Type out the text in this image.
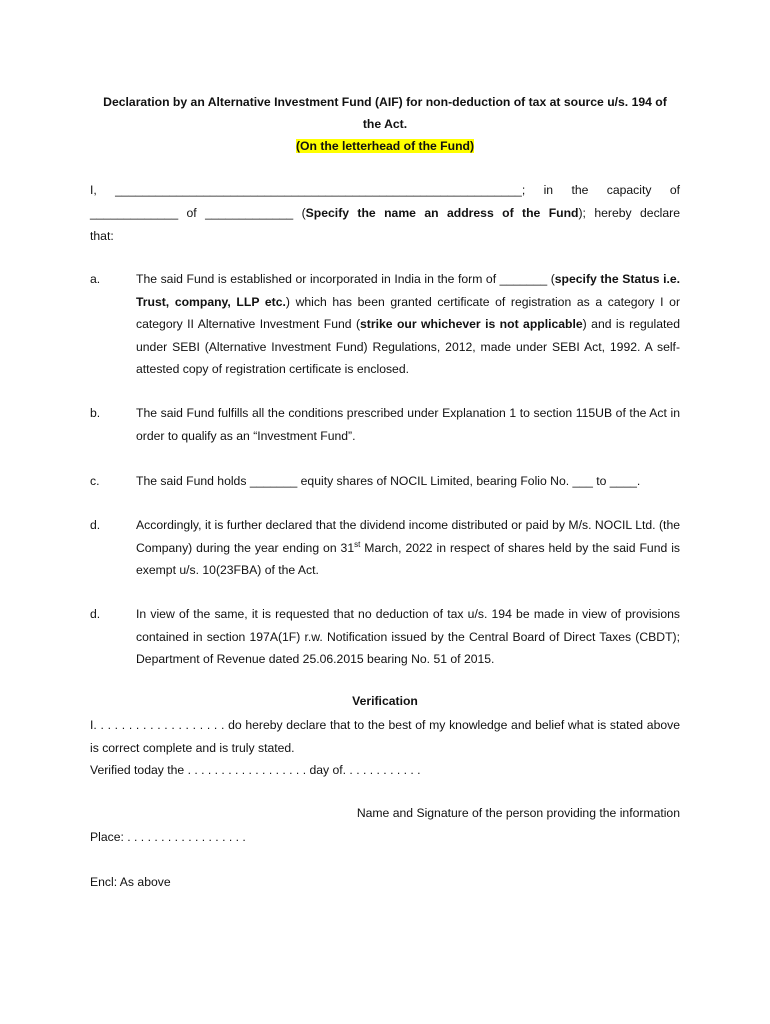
Declaration by an Alternative Investment Fund (AIF) for non-deduction of tax at source u/s. 194 of
the Act.
(On the letterhead of the Fund)

I, ____________________________________________________________; in the capacity of

_____________ of _____________ (Specify the name an address of the Fund); hereby declare

that:

a.	The said Fund is established or incorporated in India in the form of _______ (specify the Status i.e. Trust, company, LLP etc.) which has been granted certificate of registration as a category I or category II Alternative Investment Fund (strike our whichever is not applicable) and is regulated under SEBI (Alternative Investment Fund) Regulations, 2012, made under SEBI Act, 1992. A self-attested copy of registration certificate is enclosed.
b.	The said Fund fulfills all the conditions prescribed under Explanation 1 to section 115UB of the Act in order to qualify as an “Investment Fund”.
c.	The said Fund holds _______ equity shares of NOCIL Limited, bearing Folio No. ___ to ____.
d.	Accordingly, it is further declared that the dividend income distributed or paid by M/s. NOCIL Ltd. (the Company) during the year ending on 31st March, 2022 in respect of shares held by the said Fund is exempt u/s. 10(23FBA) of the Act.
d.	In view of the same, it is requested that no deduction of tax u/s. 194 be made in view of provisions contained in section 197A(1F) r.w. Notification issued by the Central Board of Direct Taxes (CBDT); Department of Revenue dated 25.06.2015 bearing No. 51 of 2015.
Verification
I. . . . . . . . . . . . . . . . . . . do hereby declare that to the best of my knowledge and belief what is stated above is correct complete and is truly stated.
Verified today the . . . . . . . . . . . . . . . . . . day of. . . . . . . . . . . .
Name and Signature of the person providing the information
Place: . . . . . . . . . . . . . . . . . .
Encl: As above
